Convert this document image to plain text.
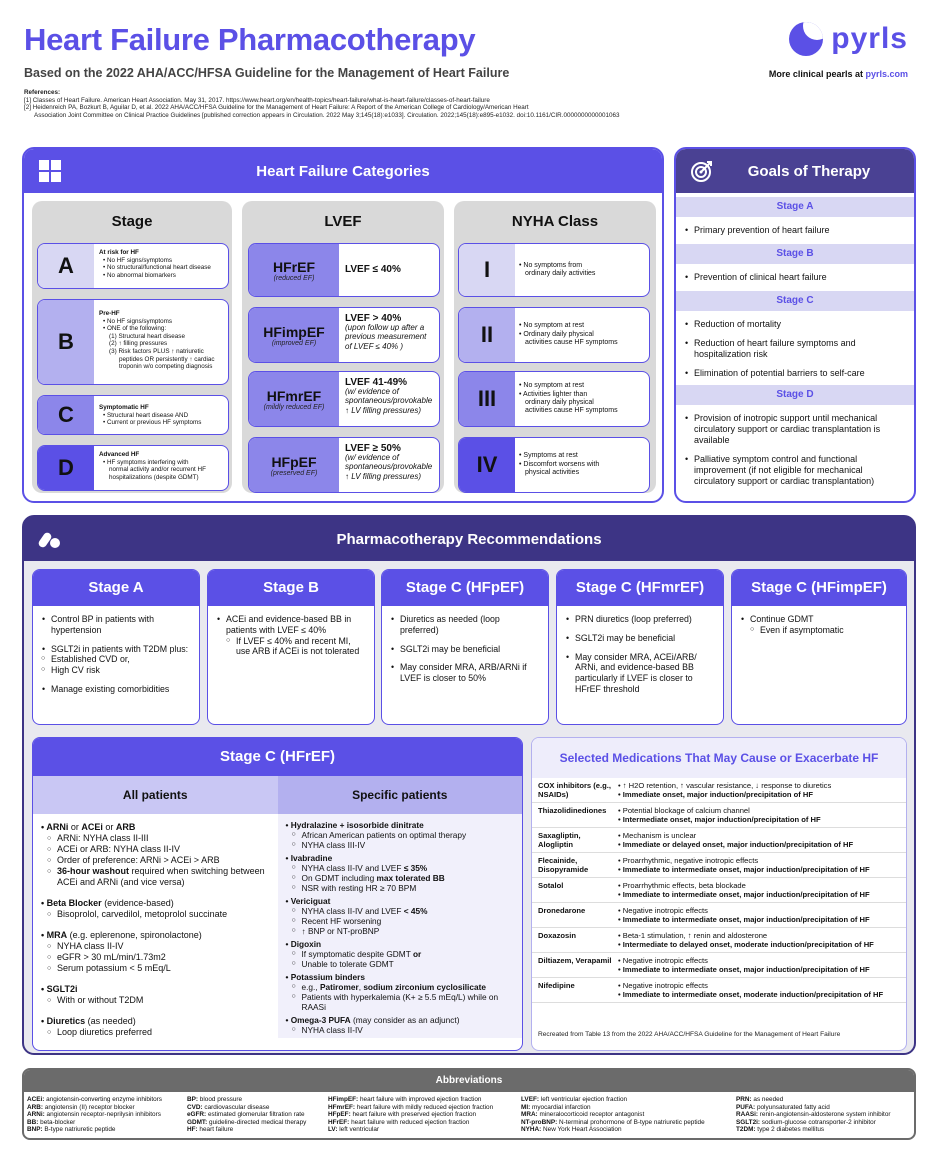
Heart Failure Pharmacotherapy
Based on the 2022 AHA/ACC/HFSA Guideline for the Management of Heart Failure
References:
[1] Classes of Heart Failure. American Heart Association. May 31, 2017. https://www.heart.org/en/health-topics/heart-failure/what-is-heart-failure/classes-of-heart-failure
[2] Heidenreich PA, Bozkurt B, Aguilar D, et al. 2022 AHA/ACC/HFSA Guideline for the Management of Heart Failure: A Report of the American College of Cardiology/American Heart
Association Joint Committee on Clinical Practice Guidelines [published correction appears in Circulation. 2022 May 3;145(18):e1033]. Circulation. 2022;145(18):e895-e1032. doi:10.1161/CIR.0000000000001063
pyrls
More clinical pearls at pyrls.com
Heart Failure Categories
Stage
A
At risk for HF
• No HF signs/symptoms
• No structural/functional heart disease
• No abnormal biomarkers
B
Pre-HF
• No HF signs/symptoms
• ONE of the following:
(1) Structural heart disease
(2) ↑ filling pressures
(3) Risk factors PLUS ↑ natriuretic
peptides OR persistently ↑ cardiac
troponin w/o competing diagnosis
C	Symptomatic HF
• Structural heart disease AND
• Current or previous HF symptoms
D
Advanced HF
• HF symptoms interfering with
normal activity and/or recurrent HF
hospitalizations (despite GDMT)
LVEF
HFrEF
(reduced EF)
LVEF ≤ 40%
HFimpEF
(improved EF)
LVEF > 40%
(upon follow up after a previous measurement of LVEF ≤ 40% )
HFmrEF
(mildly reduced EF)
LVEF 41-49%
(w/ evidence of spontaneous/provokable ↑ LV filling pressures)
HFpEF
(preserved EF)
LVEF ≥ 50%
(w/ evidence of spontaneous/provokable ↑ LV filling pressures)
NYHA Class
I	• No symptoms from
ordinary daily activities
II	• No symptom at rest
• Ordinary daily physical
activities cause HF symptoms
III
• No symptom at rest
• Activities lighter than
ordinary daily physical
activities cause HF symptoms
IV	• Symptoms at rest
• Discomfort worsens with
physical activities
Goals of Therapy
Stage A
• Primary prevention of heart failure
Stage B
• Prevention of clinical heart failure
Stage C
• Reduction of mortality
• Reduction of heart failure symptoms and hospitalization risk
• Elimination of potential barriers to self-care
Stage D
• Provision of inotropic support until mechanical circulatory support or cardiac transplantation is available
• Palliative symptom control and functional improvement (if not eligible for mechanical circulatory support or cardiac transplantation)
Pharmacotherapy Recommendations
Stage A
• Control BP in patients with hypertension
• SGLT2i in patients with T2DM plus:
○ Established CVD or,
○ High CV risk
• Manage existing comorbidities
Stage B
• ACEi and evidence-based BB in patients with LVEF ≤ 40%
○ If LVEF ≤ 40% and recent MI, use ARB if ACEi is not tolerated
Stage C (HFpEF)
• Diuretics as needed (loop preferred)
• SGLT2i may be beneficial
• May consider MRA, ARB/ARNi if LVEF is closer to 50%
Stage C (HFmrEF)
• PRN diuretics (loop preferred)
• SGLT2i may be beneficial
• May consider MRA, ACEi/ARB/ ARNi, and evidence-based BB particularly if LVEF is closer to HFrEF threshold
Stage C (HFimpEF)
• Continue GDMT
○ Even if asymptomatic
Stage C (HFrEF)
All patients	Specific patients
• ARNi or ACEi or ARB
○ ARNi: NYHA class II-III
○ ACEi or ARB: NYHA class II-IV
○ Order of preference: ARNi > ACEi > ARB
○ 36-hour washout required when switching between ACEi and ARNi (and vice versa)
• Beta Blocker (evidence-based)
○ Bisoprolol, carvedilol, metoprolol succinate
• MRA (e.g. eplerenone, spironolactone)
○ NYHA class II-IV
○ eGFR > 30 mL/min/1.73m2
○ Serum potassium < 5 mEq/L
• SGLT2i
○ With or without T2DM
• Diuretics (as needed)
○ Loop diuretics preferred
• Hydralazine + isosorbide dinitrate
○ African American patients on optimal therapy
○ NYHA class III-IV
• Ivabradine
○ NYHA class II-IV and LVEF ≤ 35%
○ On GDMT including max tolerated BB
○ NSR with resting HR ≥ 70 BPM
• Vericiguat
○ NYHA class II-IV and LVEF < 45%
○ Recent HF worsening
○ ↑ BNP or NT-proBNP
• Digoxin
○ If symptomatic despite GDMT or
○ Unable to tolerate GDMT
• Potassium binders
○ e.g., Patiromer, sodium zirconium cyclosilicate
○ Patients with hyperkalemia (K+ ≥ 5.5 mEq/L) while on RAASi
• Omega-3 PUFA (may consider as an adjunct)
○ NYHA class II-IV
Selected Medications That May Cause or Exacerbate HF
COX inhibitors (e.g., NSAIDs)
• ↑ H2O retention, ↑ vascular resistance, ↓ response to diuretics
• Immediate onset, major induction/precipitation of HF
Thiazolidinediones	• Potential blockage of calcium channel
• Intermediate onset, major induction/precipitation of HF
Saxagliptin, Alogliptin
• Mechanism is unclear
• Immediate or delayed onset, major induction/precipitation of HF
Flecainide, Disopyramide
• Proarrhythmic, negative inotropic effects
• Immediate to intermediate onset, major induction/precipitation of HF
Sotalol	• Proarrhythmic effects, beta blockade
• Immediate to intermediate onset, major induction/precipitation of HF
Dronedarone	• Negative inotropic effects
• Immediate to intermediate onset, major induction/precipitation of HF
Doxazosin	• Beta-1 stimulation, ↑ renin and aldosterone
• Intermediate to delayed onset, moderate induction/precipitation of HF
Diltiazem, Verapamil • Negative inotropic effects
• Immediate to intermediate onset, major induction/precipitation of HF
Nifedipine	• Negative inotropic effects
• Immediate to intermediate onset, moderate induction/precipitation of HF
Recreated from Table 13 from the 2022 AHA/ACC/HFSA Guideline for the Management of Heart Failure
Abbreviations
ACEi: angiotensin-converting enzyme inhibitors
ARB: angiotensin (II) receptor blocker
ARNi: angiotensin receptor-neprilysin inhibitors
BB: beta-blocker
BNP: B-type natriuretic peptide
BP: blood pressure
CVD: cardiovascular disease
eGFR: estimated glomerular filtration rate
GDMT: guideline-directed medical therapy
HF: heart failure
HFimpEF: heart failure with improved ejection fraction
HFmrEF: heart failure with mildly reduced ejection fraction
HFpEF: heart failure with preserved ejection fraction
HFrEF: heart failure with reduced ejection fraction
LV: left ventricular
LVEF: left ventricular ejection fraction
MI: myocardial infarction
MRA: mineralocorticoid receptor antagonist
NT-proBNP: N-terminal prohormone of B-type natriuretic peptide
NYHA: New York Heart Association
PRN: as needed
PUFA: polyunsaturated fatty acid
RAASi: renin-angiotensin-aldosterone system inhibitor
SGLT2i: sodium-glucose cotransporter-2 inhibitor
T2DM: type 2 diabetes mellitus
